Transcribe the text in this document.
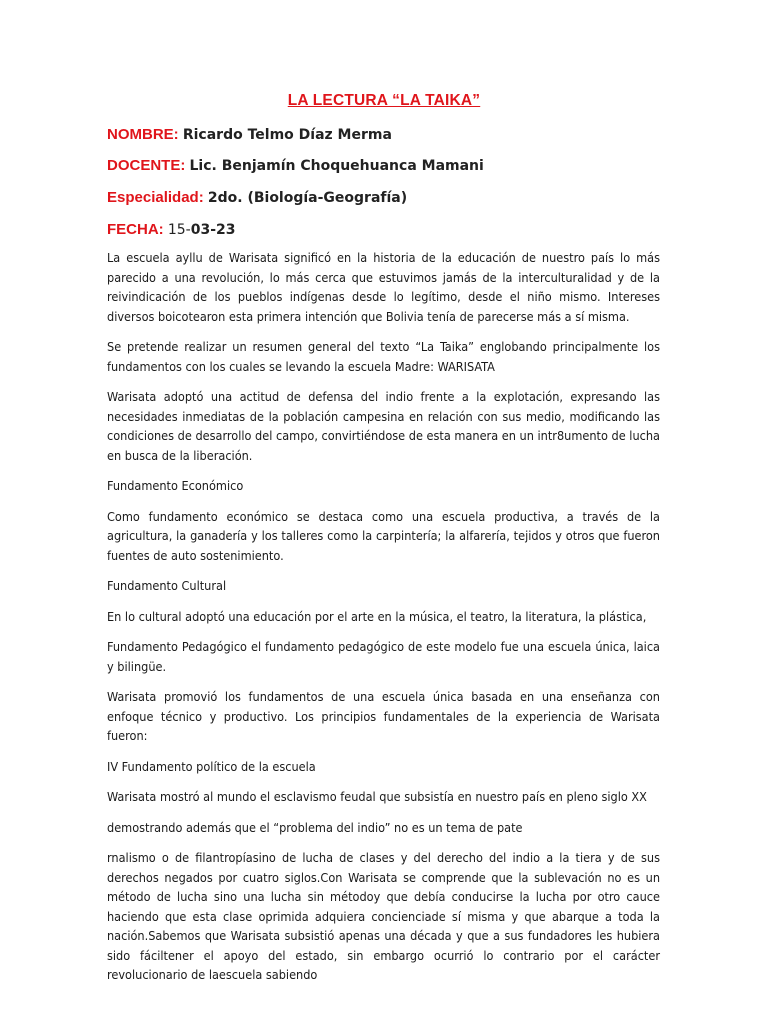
LA LECTURA “LA TAIKA”
NOMBRE: Ricardo Telmo Díaz Merma
DOCENTE: Lic. Benjamín Choquehuanca Mamani
Especialidad: 2do. (Biología-Geografía)
FECHA: 15-03-23

La escuela ayllu de Warisata significó en la historia de la educación de nuestro país lo más parecido a una revolución, lo más cerca que estuvimos jamás de la interculturalidad y de la reivindicación de los pueblos indígenas desde lo legítimo, desde el niño mismo. Intereses diversos boicotearon esta primera intención que Bolivia tenía de parecerse más a sí misma.

Se pretende realizar un resumen general del texto “La Taika” englobando principalmente los fundamentos con los cuales se levando la escuela Madre: WARISATA

Warisata adoptó una actitud de defensa del indio frente a la explotación, expresando las necesidades inmediatas de la población campesina en relación con sus medio, modificando las condiciones de desarrollo del campo, convirtiéndose de esta manera en un intr8umento de lucha en busca de la liberación.

Fundamento Económico

Como fundamento económico se destaca como una escuela productiva, a través de la agricultura, la ganadería y los talleres como la carpintería; la alfarería, tejidos y otros que fueron fuentes de auto sostenimiento.

Fundamento Cultural

En lo cultural adoptó una educación por el arte en la música, el teatro, la literatura, la plástica,

Fundamento Pedagógico el fundamento pedagógico de este modelo fue una escuela única, laica y bilingüe.

Warisata promovió los fundamentos de una escuela única basada en una enseñanza con enfoque técnico y productivo. Los principios fundamentales de la experiencia de Warisata fueron:

IV Fundamento político de la escuela

Warisata mostró al mundo el esclavismo feudal que subsistía en nuestro país en pleno siglo XX

demostrando además que el “problema del indio” no es un tema de pate

rnalismo o de filantropíasino de lucha de clases y del derecho del indio a la tiera y de sus derechos negados por cuatro siglos.Con Warisata se comprende que la sublevación no es un método de lucha sino una lucha sin métodoy que debía conducirse la lucha por otro cauce haciendo que esta clase oprimida adquiera concienciade sí misma y que abarque a toda la nación.Sabemos que Warisata subsistió apenas una década y que a sus fundadores les hubiera sido fáciltener el apoyo del estado, sin embargo ocurrió lo contrario por el carácter revolucionario de laescuela sabiendo
